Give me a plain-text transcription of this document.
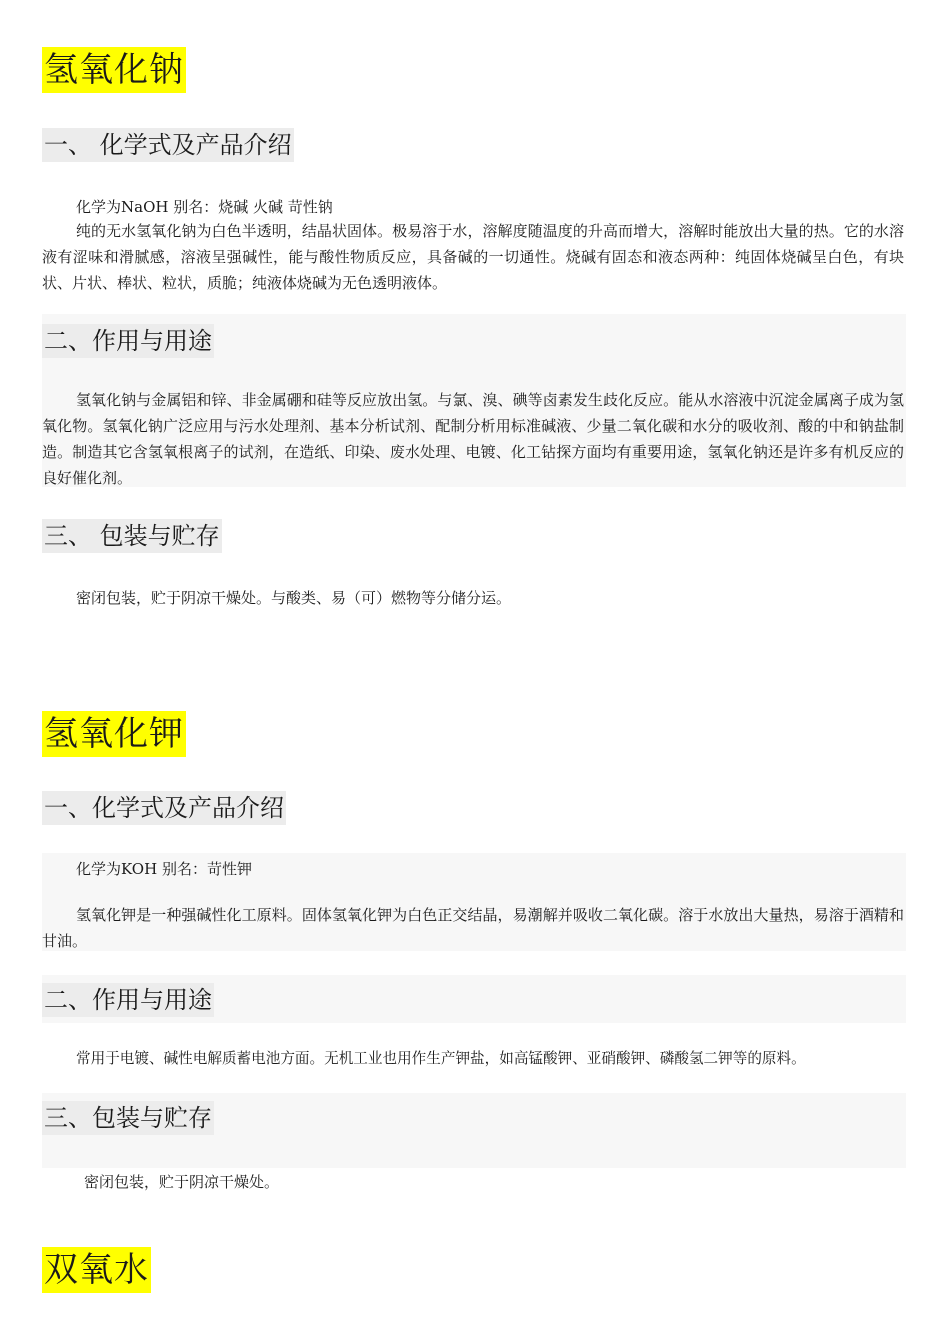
氢氧化钠
一、 化学式及产品介绍
化学为NaOH 别名：烧碱 火碱 苛性钠
纯的无水氢氧化钠为白色半透明，结晶状固体。极易溶于水，溶解度随温度的升高而增大，溶解时能放出大量的热。它的水溶液有涩味和滑腻感，溶液呈强碱性，能与酸性物质反应，具备碱的一切通性。烧碱有固态和液态两种：纯固体烧碱呈白色，有块状、片状、棒状、粒状，质脆；纯液体烧碱为无色透明液体。
二、作用与用途
氢氧化钠与金属铝和锌、非金属硼和硅等反应放出氢。与氯、溴、碘等卤素发生歧化反应。能从水溶液中沉淀金属离子成为氢氧化物。氢氧化钠广泛应用与污水处理剂、基本分析试剂、配制分析用标准碱液、少量二氧化碳和水分的吸收剂、酸的中和钠盐制造。制造其它含氢氧根离子的试剂，在造纸、印染、废水处理、电镀、化工钻探方面均有重要用途，氢氧化钠还是许多有机反应的良好催化剂。
三、 包装与贮存
密闭包装，贮于阴凉干燥处。与酸类、易（可）燃物等分储分运。
氢氧化钾
一、化学式及产品介绍
化学为KOH 别名：苛性钾
氢氧化钾是一种强碱性化工原料。固体氢氧化钾为白色正交结晶，易潮解并吸收二氧化碳。溶于水放出大量热，易溶于酒精和甘油。
二、作用与用途
常用于电镀、碱性电解质蓄电池方面。无机工业也用作生产钾盐，如高锰酸钾、亚硝酸钾、磷酸氢二钾等的原料。
三、包装与贮存
密闭包装，贮于阴凉干燥处。
双氧水
